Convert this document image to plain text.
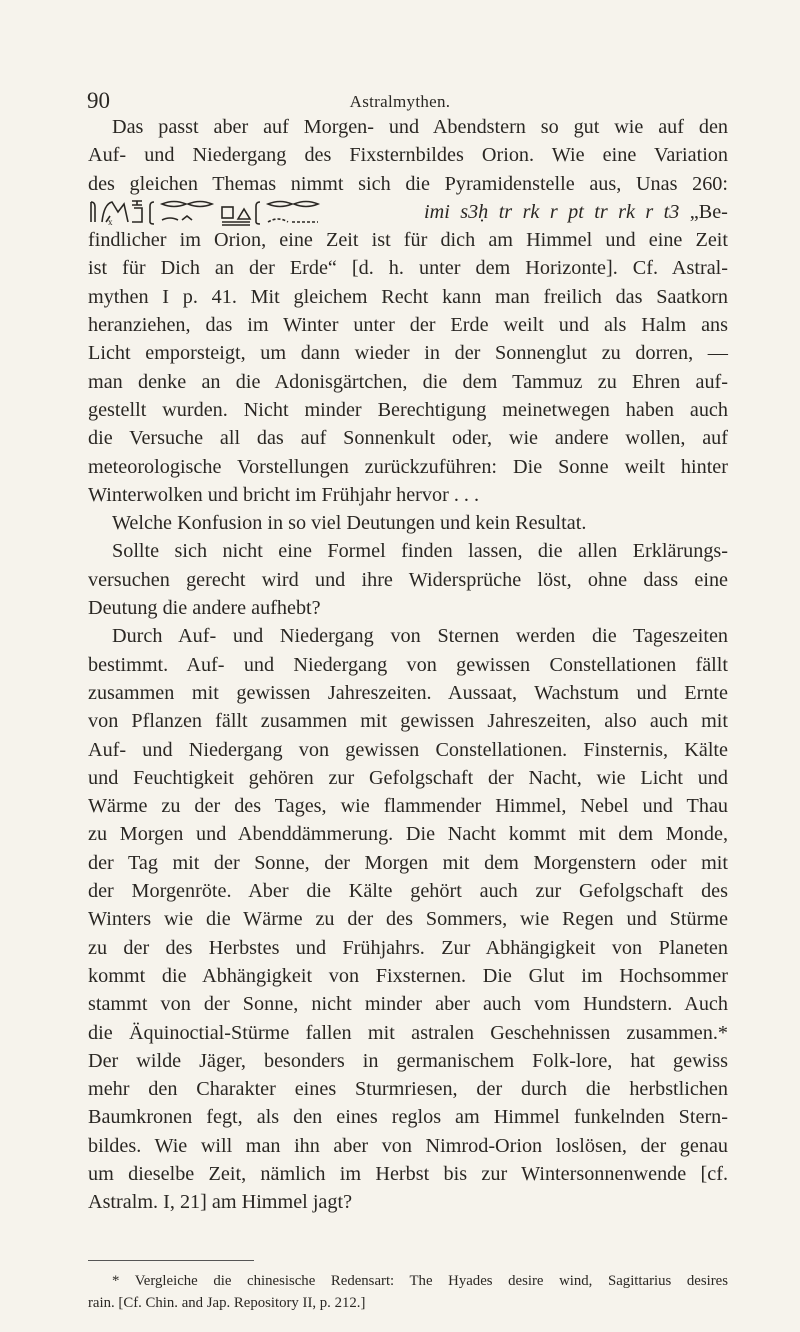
90	Astralmythen.
Das passt aber auf Morgen- und Abendstern so gut wie auf den
Auf- und Niedergang des Fixsternbildes Orion. Wie eine Variation
des gleichen Themas nimmt sich die Pyramidenstelle aus, Unas 260:
x	imi s3ḥ tr rk r pt tr rk r t3 „Be-
findlicher im Orion, eine Zeit ist für dich am Himmel und eine Zeit
ist für Dich an der Erde“ [d. h. unter dem Horizonte]. Cf. Astral-
mythen I p. 41. Mit gleichem Recht kann man freilich das Saatkorn
heranziehen, das im Winter unter der Erde weilt und als Halm ans
Licht emporsteigt, um dann wieder in der Sonnenglut zu dorren, —
man denke an die Adonisgärtchen, die dem Tammuz zu Ehren auf-
gestellt wurden. Nicht minder Berechtigung meinetwegen haben auch
die Versuche all das auf Sonnenkult oder, wie andere wollen, auf
meteorologische Vorstellungen zurückzuführen: Die Sonne weilt hinter
Winterwolken und bricht im Frühjahr hervor . . .
Welche Konfusion in so viel Deutungen und kein Resultat.
Sollte sich nicht eine Formel finden lassen, die allen Erklärungs-
versuchen gerecht wird und ihre Widersprüche löst, ohne dass eine
Deutung die andere aufhebt?
Durch Auf- und Niedergang von Sternen werden die Tageszeiten
bestimmt. Auf- und Niedergang von gewissen Constellationen fällt
zusammen mit gewissen Jahreszeiten. Aussaat, Wachstum und Ernte
von Pflanzen fällt zusammen mit gewissen Jahreszeiten, also auch mit
Auf- und Niedergang von gewissen Constellationen. Finsternis, Kälte
und Feuchtigkeit gehören zur Gefolgschaft der Nacht, wie Licht und
Wärme zu der des Tages, wie flammender Himmel, Nebel und Thau
zu Morgen und Abenddämmerung. Die Nacht kommt mit dem Monde,
der Tag mit der Sonne, der Morgen mit dem Morgenstern oder mit
der Morgenröte. Aber die Kälte gehört auch zur Gefolgschaft des
Winters wie die Wärme zu der des Sommers, wie Regen und Stürme
zu der des Herbstes und Frühjahrs. Zur Abhängigkeit von Planeten
kommt die Abhängigkeit von Fixsternen. Die Glut im Hochsommer
stammt von der Sonne, nicht minder aber auch vom Hundstern. Auch
die Äquinoctial-Stürme fallen mit astralen Geschehnissen zusammen.*
Der wilde Jäger, besonders in germanischem Folk-lore, hat gewiss
mehr den Charakter eines Sturmriesen, der durch die herbstlichen
Baumkronen fegt, als den eines reglos am Himmel funkelnden Stern-
bildes. Wie will man ihn aber von Nimrod-Orion loslösen, der genau
um dieselbe Zeit, nämlich im Herbst bis zur Wintersonnenwende [cf.
Astralm. I, 21] am Himmel jagt?
* Vergleiche die chinesische Redensart: The Hyades desire wind, Sagittarius desires
rain. [Cf. Chin. and Jap. Repository II, p. 212.]
